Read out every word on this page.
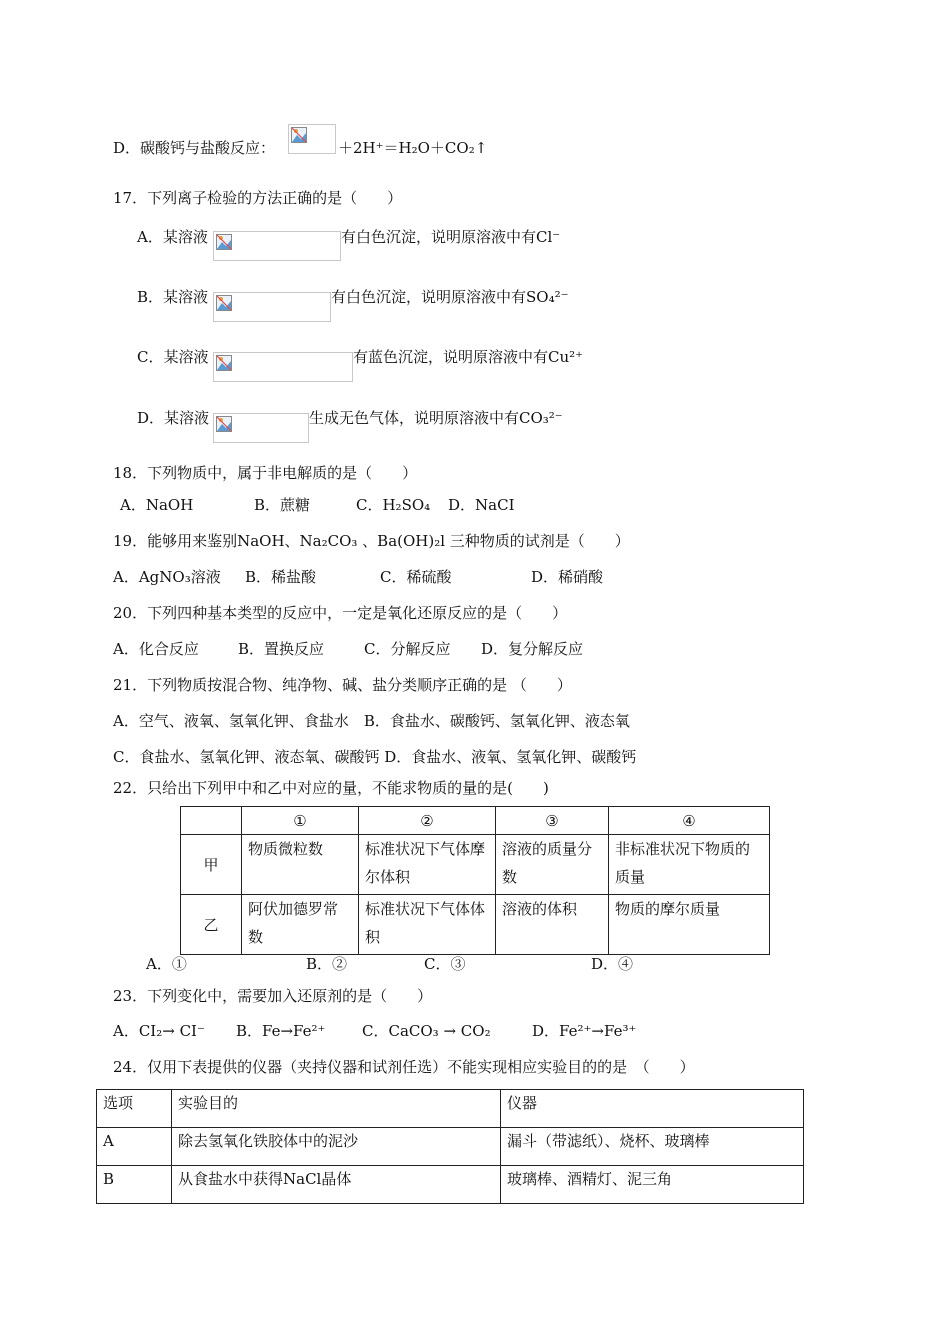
D．碳酸钙与盐酸反应：	＋2H⁺＝H₂O＋CO₂↑
17．下列离子检验的方法正确的是（　　）
A．某溶液	有白色沉淀，说明原溶液中有Cl⁻
B．某溶液	有白色沉淀，说明原溶液中有SO₄²⁻
C．某溶液	有蓝色沉淀，说明原溶液中有Cu²⁺
D．某溶液	生成无色气体，说明原溶液中有CO₃²⁻
18．下列物质中，属于非电解质的是（　　）
A．NaOH	B．蔗糖	C．H₂SO₄ D．NaCI
19．能够用来鉴别NaOH、Na₂CO₃ 、Ba(OH)₂l 三种物质的试剂是（　　）
A．AgNO₃溶液 B．稀盐酸	C．稀硫酸	D．稀硝酸
20．下列四种基本类型的反应中，一定是氧化还原反应的是（　　）
A．化合反应	B．置换反应	C．分解反应 D．复分解反应
21．下列物质按混合物、纯净物、碱、盐分类顺序正确的是 （　　）
A．空气、液氧、氢氧化钾、食盐水　B．食盐水、碳酸钙、氢氧化钾、液态氧
C．食盐水、氢氧化钾、液态氧、碳酸钙 D．食盐水、液氧、氢氧化钾、碳酸钙
22．只给出下列甲中和乙中对应的量，不能求物质的量的是(　　)
	①	②	③	④
甲	物质微粒数	标准状况下气体摩尔体积	溶液的质量分数	非标准状况下物质的质量
乙	阿伏加德罗常数	标准状况下气体体积	溶液的体积	物质的摩尔质量
A．①	B．②	C．③	D．④
23．下列变化中，需要加入还原剂的是（　　）
A．CI₂→ CI⁻ B．Fe→Fe²⁺ C．CaCO₃ → CO₂	D．Fe²⁺→Fe³⁺
24．仅用下表提供的仪器（夹持仪器和试剂任选）不能实现相应实验目的的是　（　　）
选项	实验目的	仪器
A	除去氢氧化铁胶体中的泥沙	漏斗（带滤纸）、烧杯、玻璃棒
B	从食盐水中获得NaCl晶体	玻璃棒、酒精灯、泥三角
